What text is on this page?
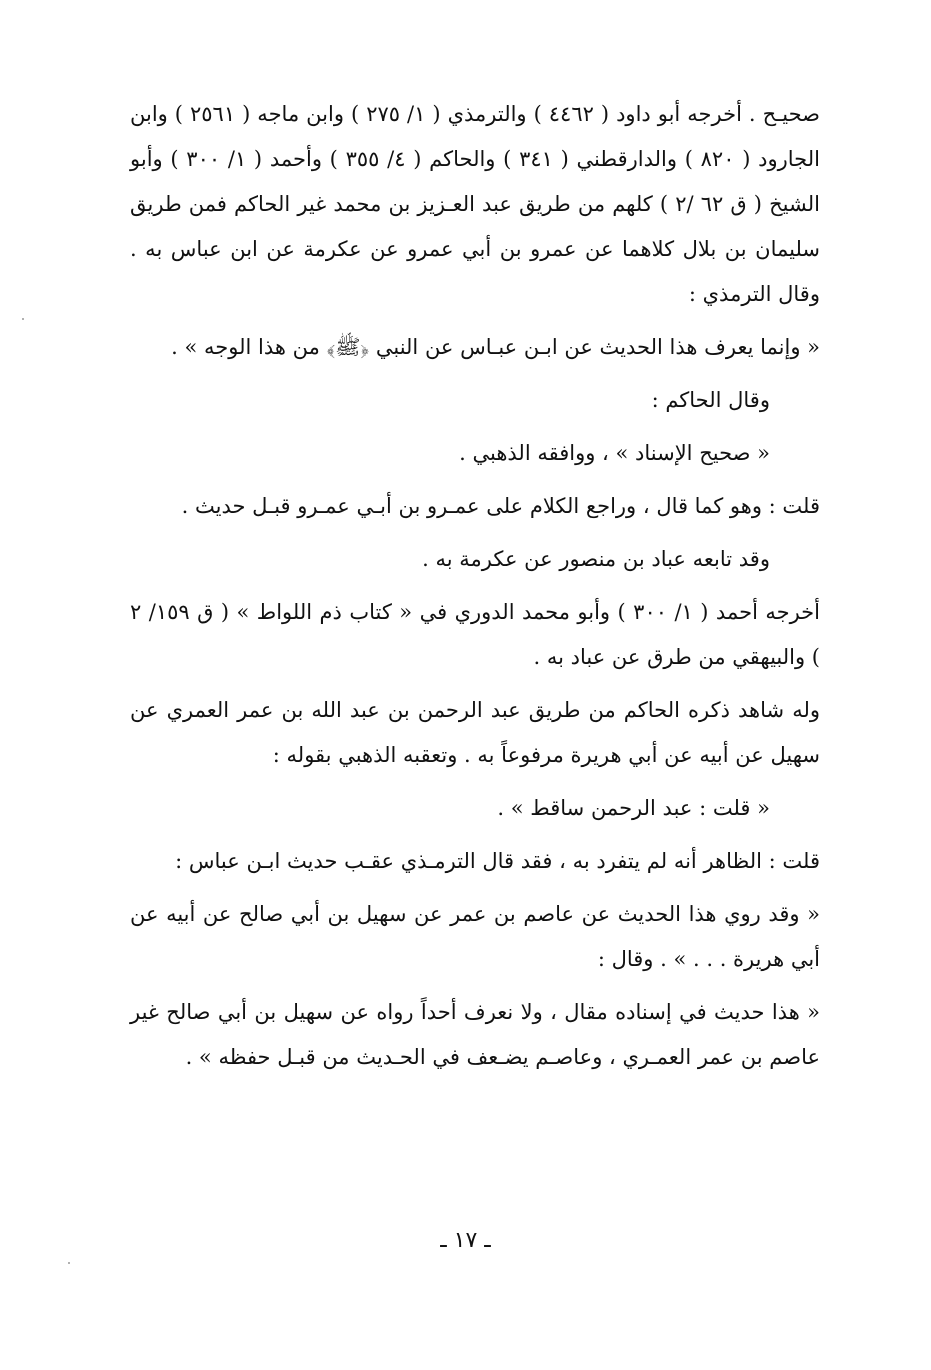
صحيـح . أخرجه أبو داود ( ٤٤٦٢ ) والترمذي ( ١/ ٢٧٥ ) وابن ماجه ( ٢٥٦١ ) وابن الجارود ( ٨٢٠ ) والدارقطني ( ٣٤١ ) والحاكم ( ٤/ ٣٥٥ ) وأحمد ( ١/ ٣٠٠ ) وأبو الشيخ ( ق ٦٢ /٢ ) كلهم من طريق عبد العـزيز بن محمد غير الحاكم فمن طريق سليمان بن بلال كلاهما عن عمرو بن أبي عمرو عن عكرمة عن ابن عباس به . وقال الترمذي :

« وإنما يعرف هذا الحديث عن ابـن عبـاس عن النبي ﴿ﷺ﴾ من هذا الوجه » .

وقال الحاكم :

« صحيح الإسناد » ، ووافقه الذهبي .

قلت : وهو كما قال ، وراجع الكلام على عمـرو بن أبـي عمـرو قبـل حديث .

وقد تابعه عباد بن منصور عن عكرمة به .

أخرجه أحمد ( ١/ ٣٠٠ ) وأبو محمد الدوري في « كتاب ذم اللواط » ( ق ١٥٩/ ٢ ) والبيهقي من طرق عن عباد به .

وله شاهد ذكره الحاكم من طريق عبد الرحمن بن عبد الله بن عمر العمري عن سهيل عن أبيه عن أبي هريرة مرفوعاً به . وتعقبه الذهبي بقوله :

« قلت : عبد الرحمن ساقط » .

قلت : الظاهر أنه لم يتفرد به ، فقد قال الترمـذي عقـب حديث ابـن عباس :

« وقد روي هذا الحديث عن عاصم بن عمر عن سهيل بن أبي صالح عن أبيه عن أبي هريرة . . . » . وقال :

« هذا حديث في إسناده مقال ، ولا نعرف أحداً رواه عن سهيل بن أبي صالح غير عاصم بن عمر العمـري ، وعاصـم يضـعف في الحـديث من قبـل حفظه » .

ـ ١٧ ـ
